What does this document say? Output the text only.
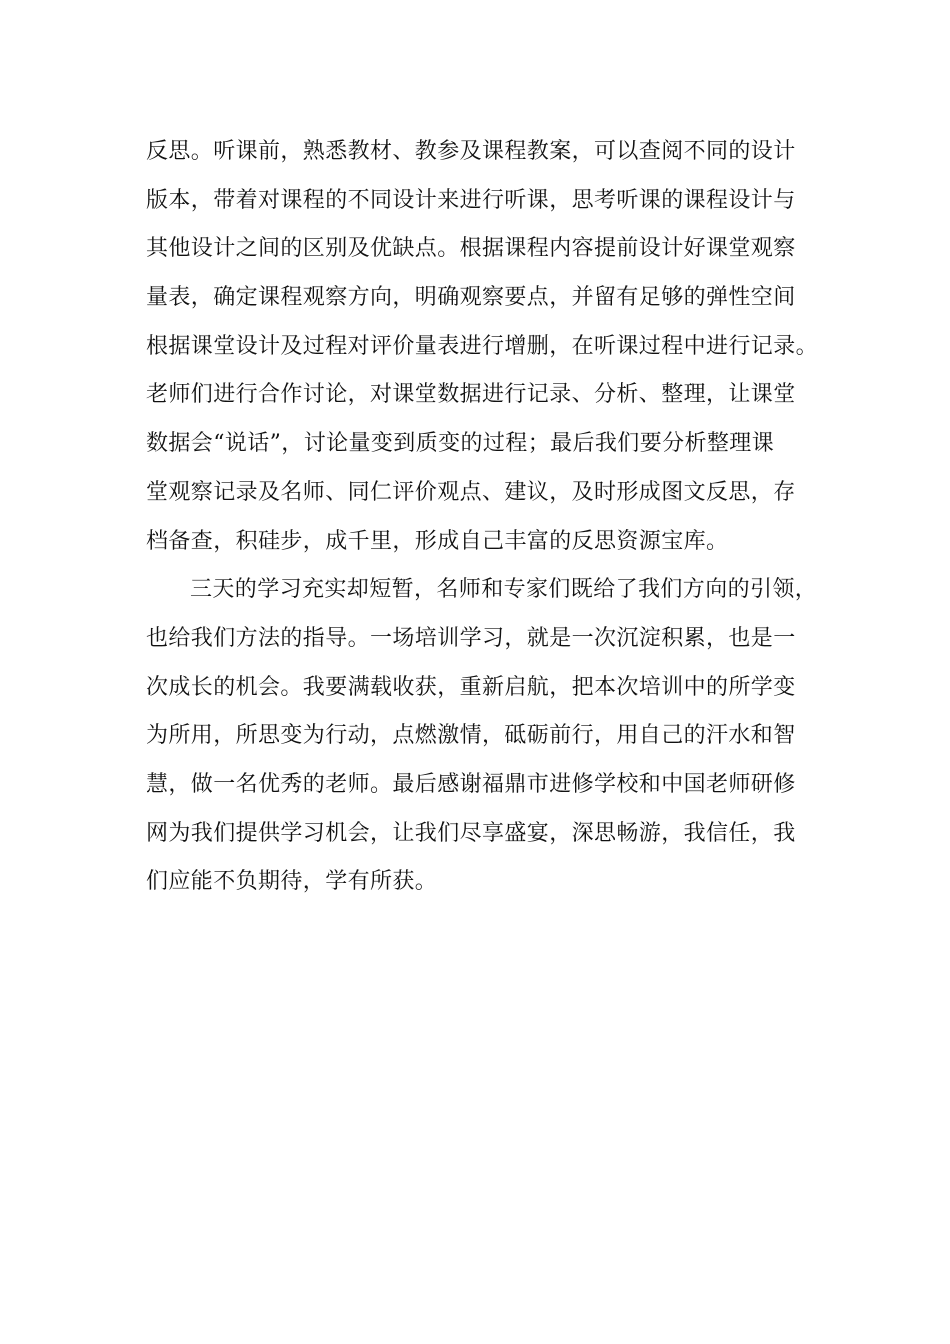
反思。听课前，熟悉教材、教参及课程教案，可以查阅不同的设计
版本，带着对课程的不同设计来进行听课，思考听课的课程设计与
其他设计之间的区别及优缺点。根据课程内容提前设计好课堂观察
量表，确定课程观察方向，明确观察要点，并留有足够的弹性空间
根据课堂设计及过程对评价量表进行增删，在听课过程中进行记录。
老师们进行合作讨论，对课堂数据进行记录、分析、整理，让课堂
数据会“说话”，讨论量变到质变的过程；最后我们要分析整理课
堂观察记录及名师、同仁评价观点、建议，及时形成图文反思，存
档备查，积硅步，成千里，形成自己丰富的反思资源宝库。
三天的学习充实却短暂，名师和专家们既给了我们方向的引领，
也给我们方法的指导。一场培训学习，就是一次沉淀积累，也是一
次成长的机会。我要满载收获，重新启航，把本次培训中的所学变
为所用，所思变为行动，点燃激情，砥砺前行，用自己的汗水和智
慧，做一名优秀的老师。最后感谢福鼎市进修学校和中国老师研修
网为我们提供学习机会，让我们尽享盛宴，深思畅游，我信任，我
们应能不负期待，学有所获。
